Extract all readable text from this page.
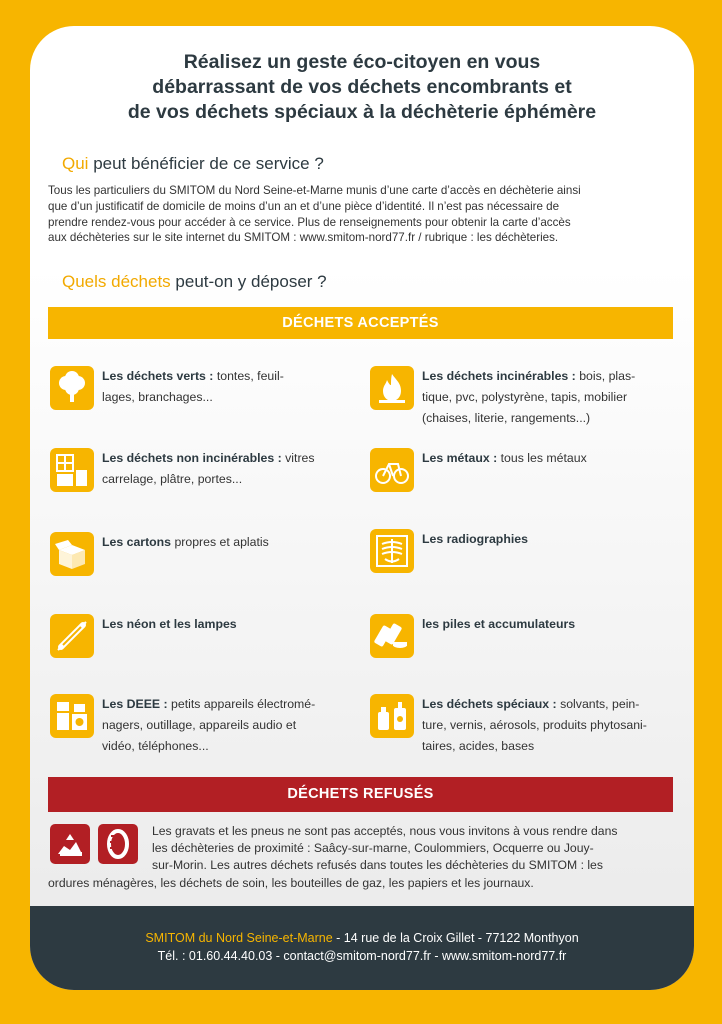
Réalisez un geste éco-citoyen en vous
débarrassant de vos déchets encombrants et
de vos déchets spéciaux à la déchèterie éphémère
Qui peut bénéficier de ce service ?
Tous les particuliers du SMITOM du Nord Seine-et-Marne munis d’une carte d’accès en déchèterie ainsi
que d’un justificatif de domicile de moins d’un an et d’une pièce d’identité. Il n’est pas nécessaire de
prendre rendez-vous pour accéder à ce service. Plus de renseignements pour obtenir la carte d’accès
aux déchèteries sur le site internet du SMITOM : www.smitom-nord77.fr / rubrique : les déchèteries.
Quels déchets peut-on y déposer ?
DÉCHETS ACCEPTÉS
Les déchets verts : tontes, feuil-
lages, branchages...
Les déchets incinérables : bois, plas-
tique, pvc, polystyrène, tapis, mobilier
(chaises, literie, rangements...)
Les déchets non incinérables : vitres
carrelage, plâtre, portes...
Les métaux : tous les métaux
Les cartons propres et aplatis	Les radiographies
Les néon et les lampes	les piles et accumulateurs
Les DEEE : petits appareils électromé-
nagers, outillage, appareils audio et
vidéo, téléphones...
Les déchets spéciaux : solvants, pein-
ture, vernis, aérosols, produits phytosani-
taires, acides, bases
DÉCHETS REFUSÉS
Les gravats et les pneus ne sont pas acceptés, nous vous invitons à vous rendre dans
les déchèteries de proximité : Saâcy-sur-marne, Coulommiers, Ocquerre ou Jouy-
sur-Morin. Les autres déchets refusés dans toutes les déchèteries du SMITOM : les
ordures ménagères, les déchets de soin, les bouteilles de gaz, les papiers et les journaux.
SMITOM du Nord Seine-et-Marne - 14 rue de la Croix Gillet - 77122 Monthyon
Tél. : 01.60.44.40.03 - contact@smitom-nord77.fr - www.smitom-nord77.fr
